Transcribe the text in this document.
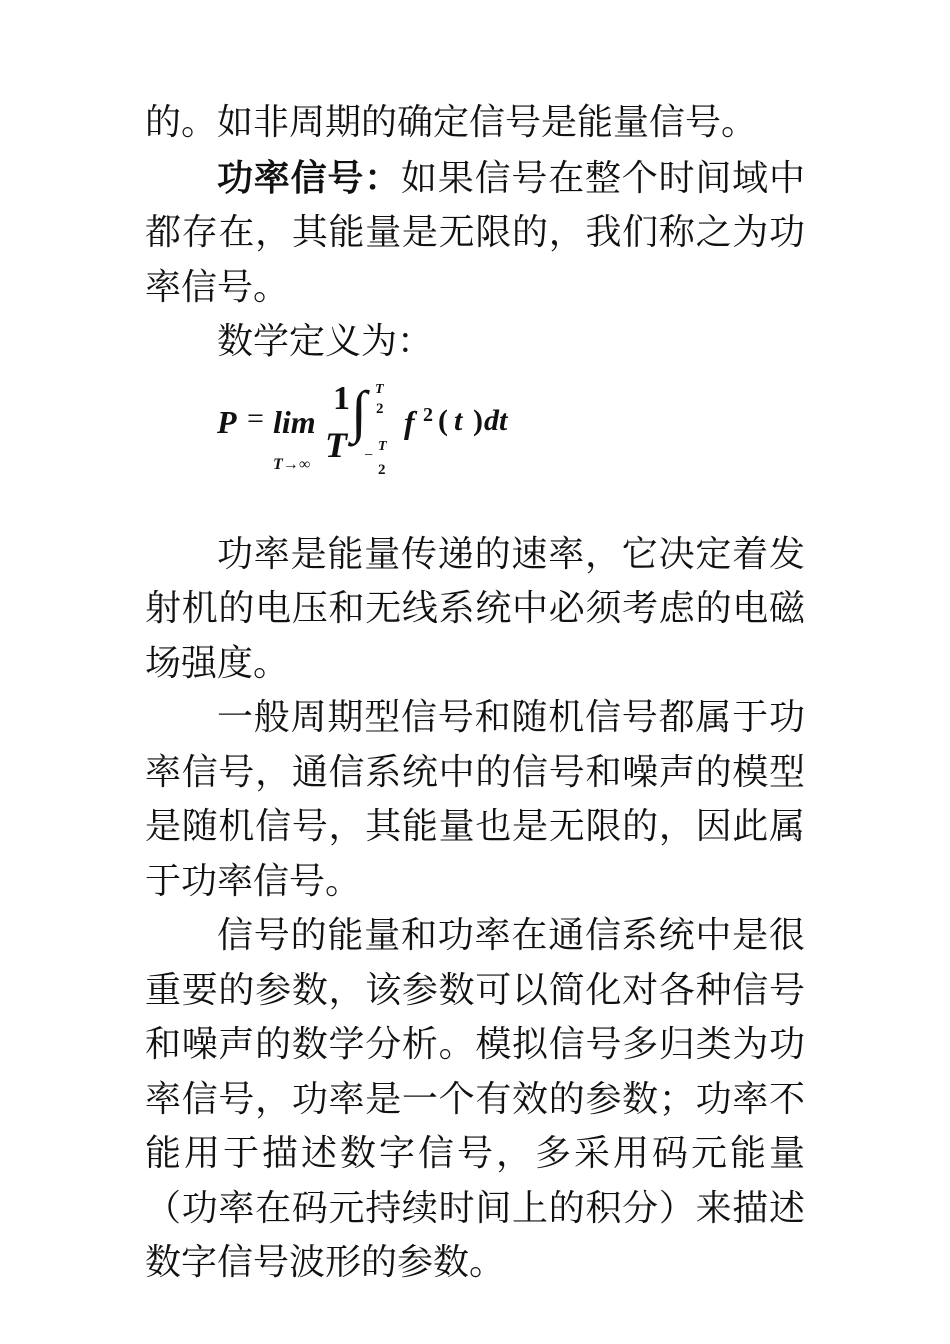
的。如非周期的确定信号是能量信号。

功率信号：如果信号在整个时间域中都存在，其能量是无限的，我们称之为功率信号。

数学定义为：

P = lim
T→∞
1
T
∫ T
2 f 2 ( t ) dt
−
T
2

功率是能量传递的速率，它决定着发射机的电压和无线系统中必须考虑的电磁场强度。

一般周期型信号和随机信号都属于功率信号，通信系统中的信号和噪声的模型是随机信号，其能量也是无限的，因此属于功率信号。

信号的能量和功率在通信系统中是很重要的参数，该参数可以简化对各种信号和噪声的数学分析。模拟信号多归类为功率信号，功率是一个有效的参数；功率不能用于描述数字信号，多采用码元能量（功率在码元持续时间上的积分）来描述数字信号波形的参数。
